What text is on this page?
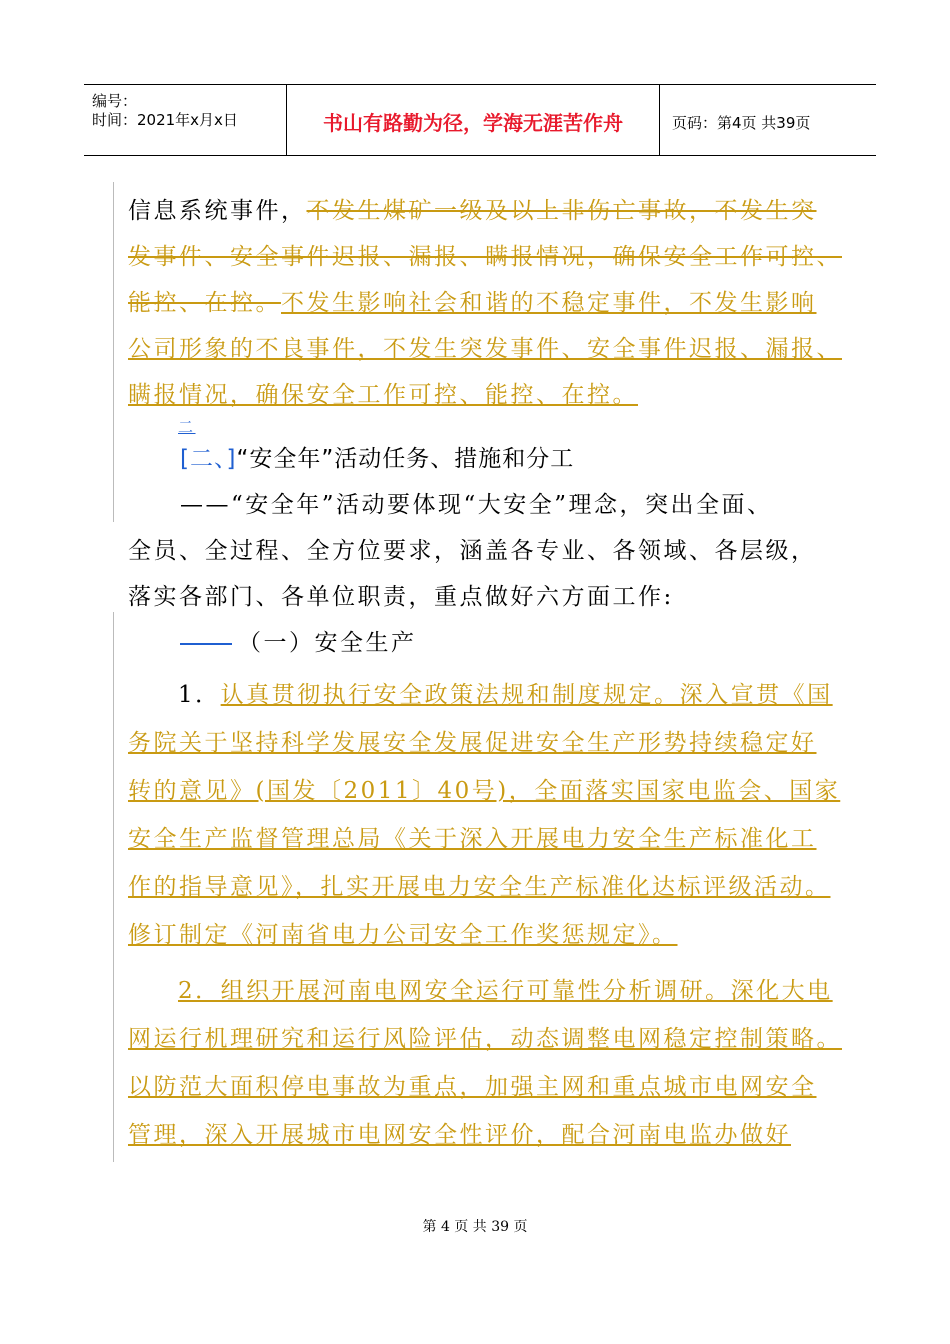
编号：
时间：2021年x月x日	书山有路勤为径，学海无涯苦作舟	页码：第4页 共39页
信息系统事件，不发生煤矿一级及以上非伤亡事故，不发生突
发事件、安全事件迟报、漏报、瞒报情况，确保安全工作可控、
能控、在控。不发生影响社会和谐的不稳定事件，不发生影响
公司形象的不良事件，不发生突发事件、安全事件迟报、漏报、
瞒报情况，确保安全工作可控、能控、在控。
二
[二、]“安全年”活动任务、措施和分工
——“安全年”活动要体现“大安全”理念，突出全面、
全员、全过程、全方位要求，涵盖各专业、各领域、各层级，
落实各部门、各单位职责，重点做好六方面工作:
（一）安全生产
1．认真贯彻执行安全政策法规和制度规定。深入宣贯《国
务院关于坚持科学发展安全发展促进安全生产形势持续稳定好
转的意见》(国发〔2011〕40号)，全面落实国家电监会、国家
安全生产监督管理总局《关于深入开展电力安全生产标准化工
作的指导意见》，扎实开展电力安全生产标准化达标评级活动。
修订制定《河南省电力公司安全工作奖惩规定》。
2．组织开展河南电网安全运行可靠性分析调研。深化大电
网运行机理研究和运行风险评估，动态调整电网稳定控制策略。
以防范大面积停电事故为重点，加强主网和重点城市电网安全
管理，深入开展城市电网安全性评价，配合河南电监办做好
第 4 页 共 39 页
